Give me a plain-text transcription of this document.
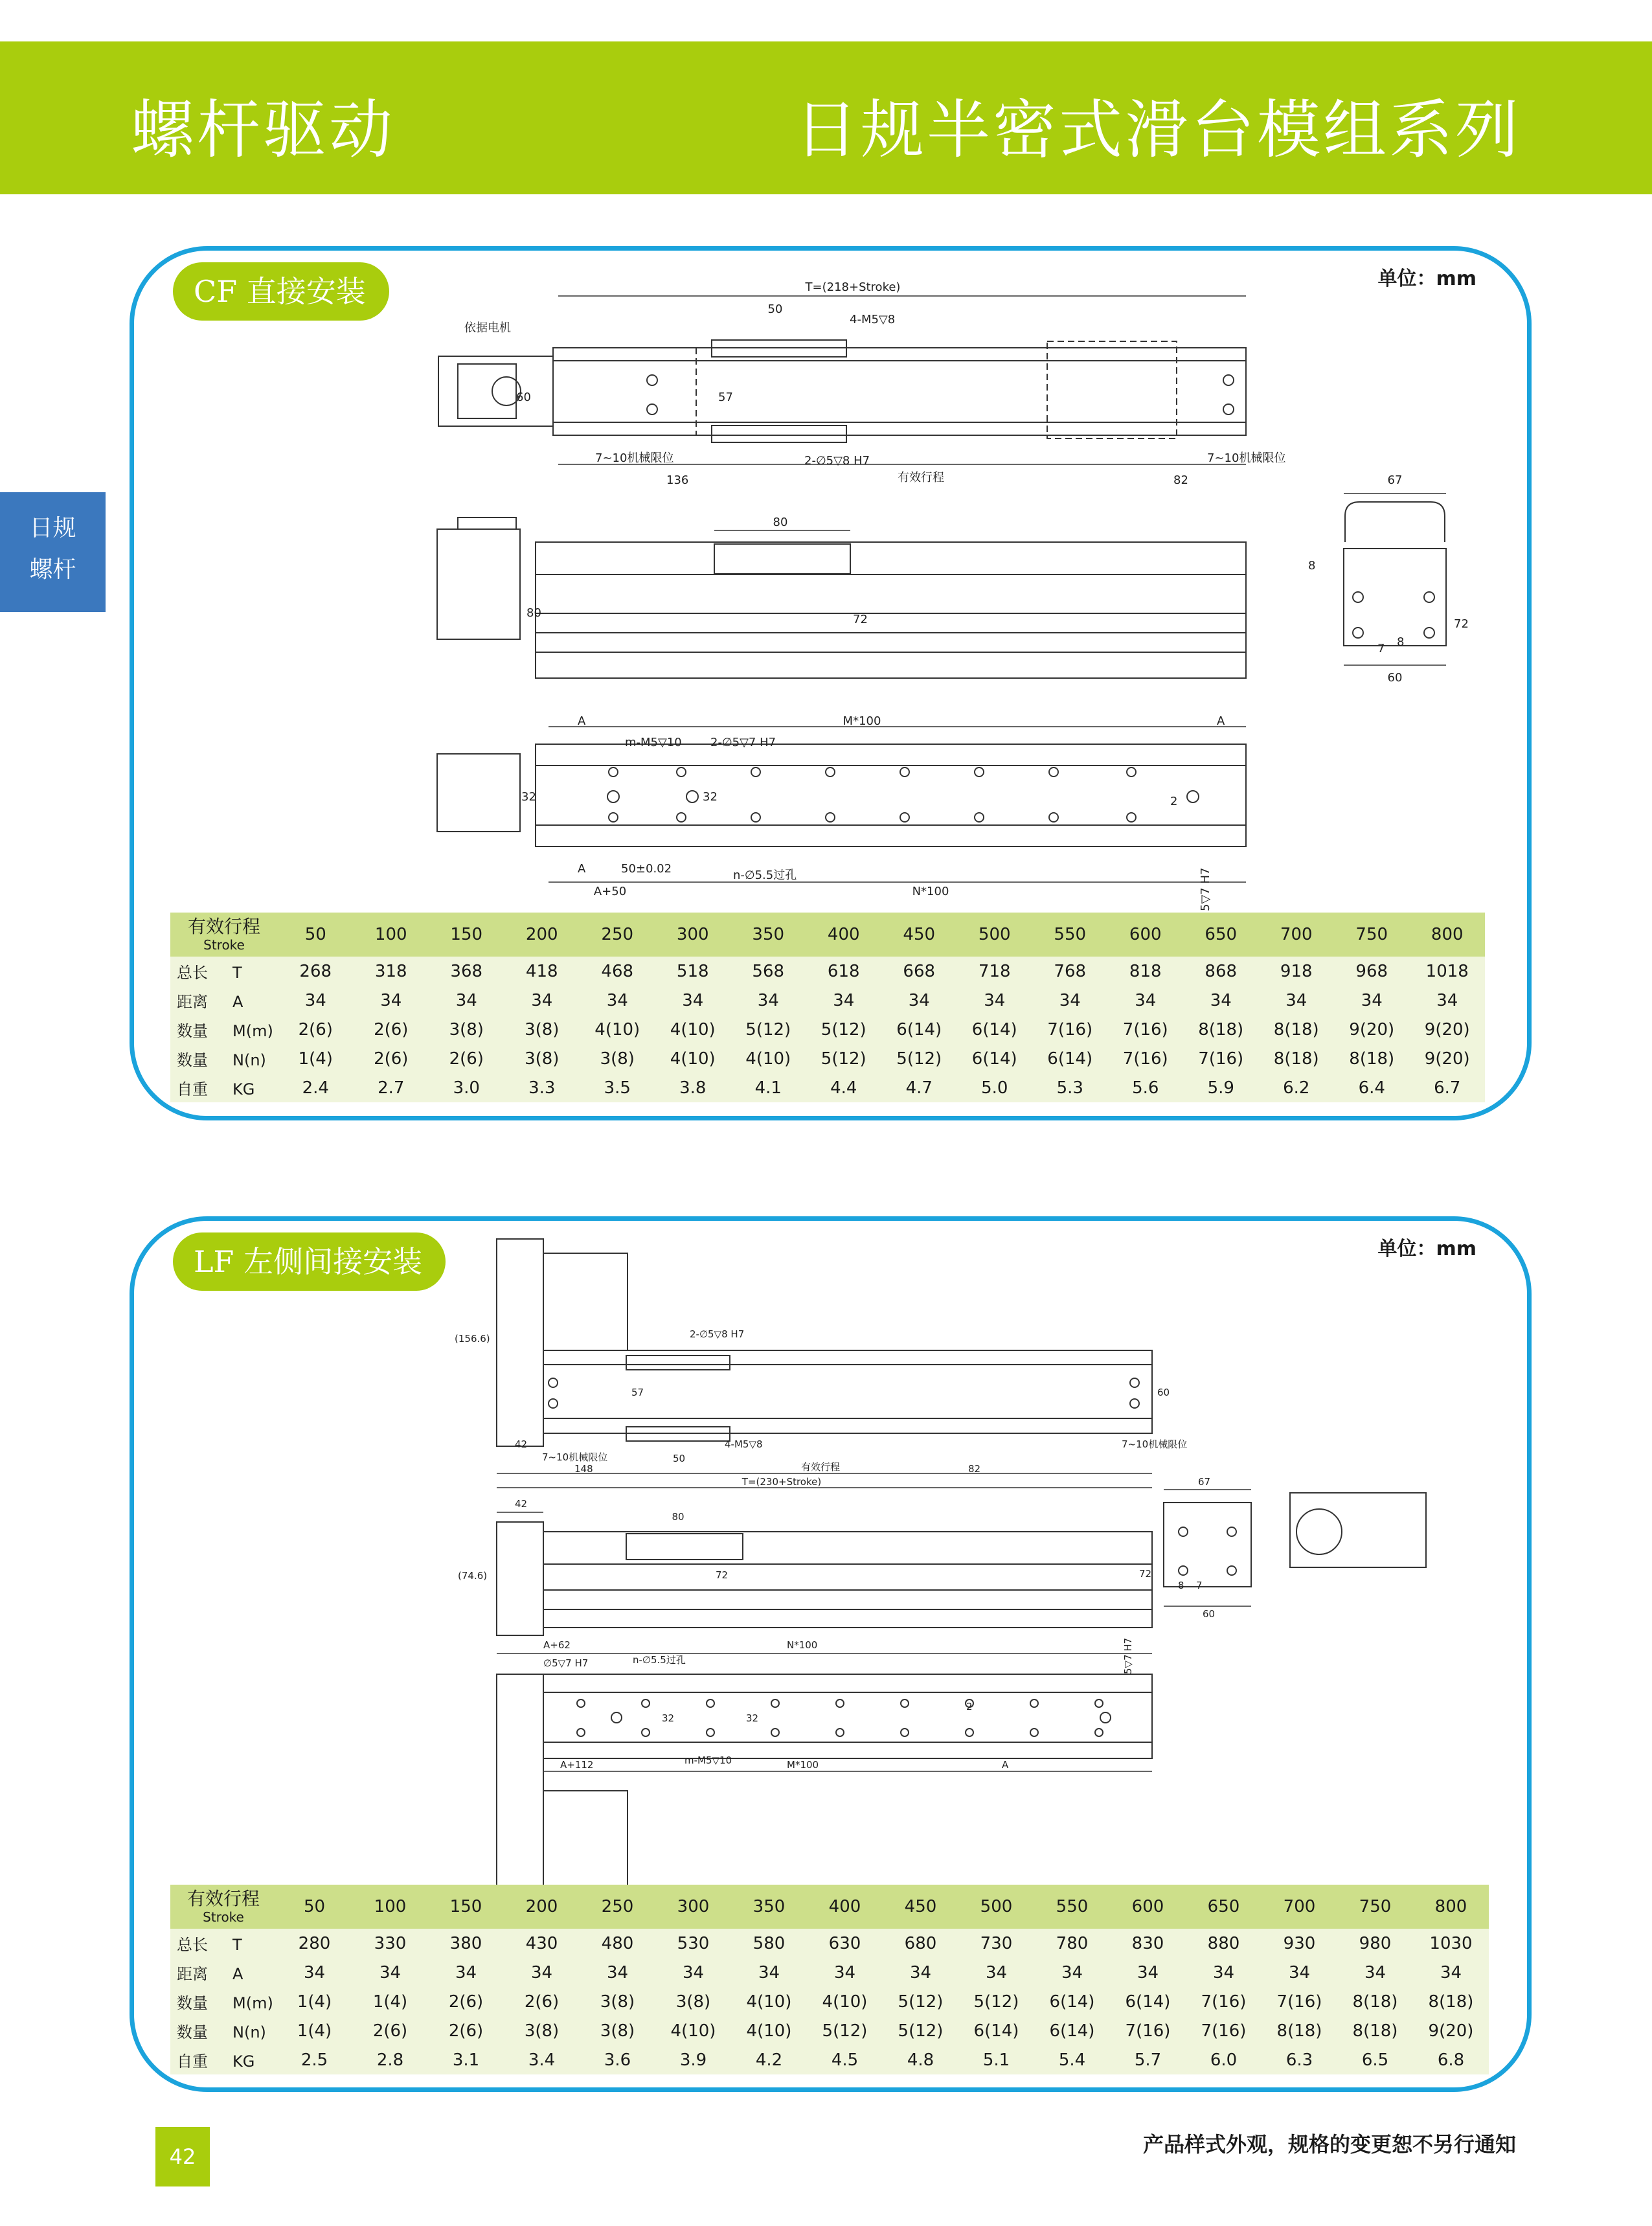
螺杆驱动	日规半密式滑台模组系列
日规
螺杆
CF 直接安装	单位：mm
T=(218+Stroke)
依据电机
50
4-M5▽8
57
60
7~10机械限位	7~10机械限位
2-∅5▽8 H7
136	有效行程	82
80
80	72
67
8
72
7 8
60
A	M*100	A
m-M5▽10 2-∅5▽7 H7
32	32	2
A	50±0.02	n-∅5.5过孔
A+50	N*100	5▽7 H7
有效行程
Stroke	50	100	150	200	250	300	350	400	450	500	550	600	650	700	750	800
总长 T	268	318	368	418	468	518	568	618	668	718	768	818	868	918	968	1018
距离 A	34	34	34	34	34	34	34	34	34	34	34	34	34	34	34	34
数量 M(m)	2(6)	2(6)	3(8)	3(8)	4(10)	4(10)	5(12)	5(12)	6(14)	6(14)	7(16)	7(16)	8(18)	8(18)	9(20)	9(20)
数量 N(n)	1(4)	2(6)	2(6)	3(8)	3(8)	4(10)	4(10)	5(12)	5(12)	6(14)	6(14)	7(16)	7(16)	8(18)	8(18)	9(20)
自重 KG	2.4	2.7	3.0	3.3	3.5	3.8	4.1	4.4	4.7	5.0	5.3	5.6	5.9	6.2	6.4	6.7
LF 左侧间接安装	单位：mm
(156.6)	2-∅5▽8 H7
57	60
42
7~10机械限位	50
4-M5▽8	7~10机械限位
148	有效行程	82
T=(230+Stroke)
42
80
(74.6)	72
67
72
8 7
60
A+62	N*100
∅5▽7 H7	n-∅5.5过孔	5▽7 H7
2
32	32
A+112	m-M5▽10	M*100	A
有效行程
Stroke	50	100	150	200	250	300	350	400	450	500	550	600	650	700	750	800
总长 T	280	330	380	430	480	530	580	630	680	730	780	830	880	930	980	1030
距离 A	34	34	34	34	34	34	34	34	34	34	34	34	34	34	34	34
数量 M(m)	1(4)	1(4)	2(6)	2(6)	3(8)	3(8)	4(10)	4(10)	5(12)	5(12)	6(14)	6(14)	7(16)	7(16)	8(18)	8(18)
数量 N(n)	1(4)	2(6)	2(6)	3(8)	3(8)	4(10)	4(10)	5(12)	5(12)	6(14)	6(14)	7(16)	7(16)	8(18)	8(18)	9(20)
自重 KG	2.5	2.8	3.1	3.4	3.6	3.9	4.2	4.5	4.8	5.1	5.4	5.7	6.0	6.3	6.5	6.8
42	产品样式外观，规格的变更恕不另行通知
